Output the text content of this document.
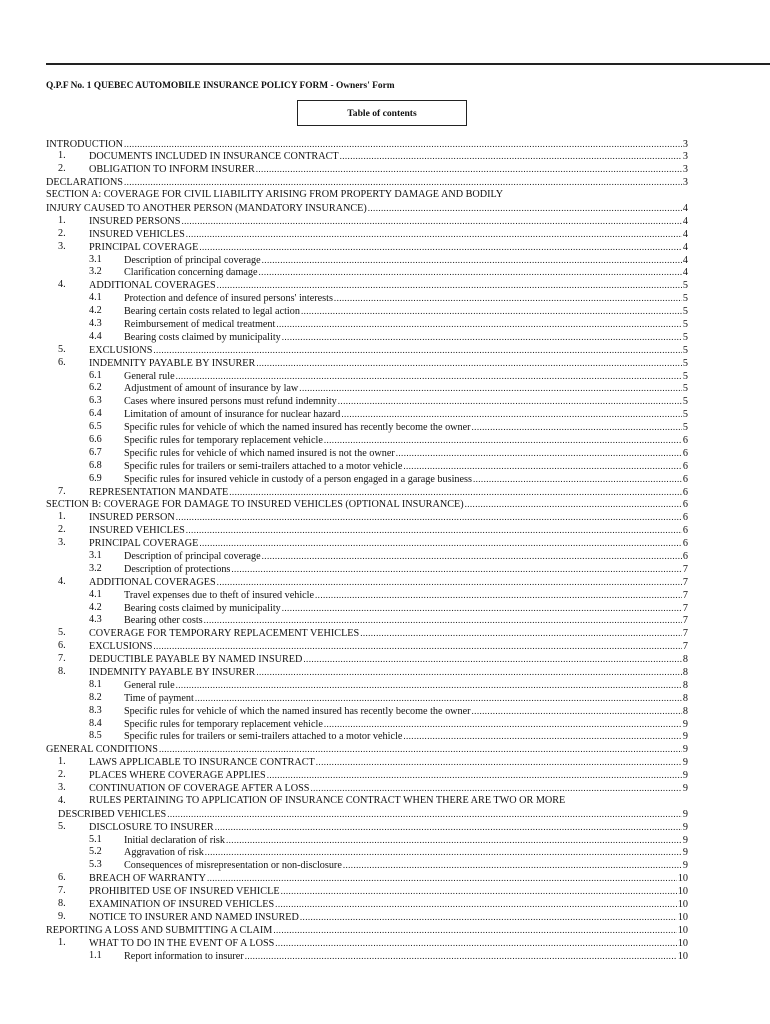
Q.P.F No. 1 QUEBEC AUTOMOBILE INSURANCE POLICY FORM - Owners' Form
Table of contents
INTRODUCTION .....	3
1. DOCUMENTS INCLUDED IN INSURANCE CONTRACT .....	3
2. OBLIGATION TO INFORM INSURER .....	3
DECLARATIONS .....	3
SECTION A: COVERAGE FOR CIVIL LIABILITY ARISING FROM PROPERTY DAMAGE AND BODILY
INJURY CAUSED TO ANOTHER PERSON (MANDATORY INSURANCE) .....	4
1. INSURED PERSONS .....	4
2. INSURED VEHICLES .....	4
3. PRINCIPAL COVERAGE .....	4
3.1 Description of principal coverage .....	4
3.2 Clarification concerning damage .....	4
4. ADDITIONAL COVERAGES .....	5
4.1 Protection and defence of insured persons' interests .....	5
4.2 Bearing certain costs related to legal action .....	5
4.3 Reimbursement of medical treatment .....	5
4.4 Bearing costs claimed by municipality .....	5
5. EXCLUSIONS .....	5
6. INDEMNITY PAYABLE BY INSURER .....	5
6.1 General rule .....	5
6.2 Adjustment of amount of insurance by law .....	5
6.3 Cases where insured persons must refund indemnity .....	5
6.4 Limitation of amount of insurance for nuclear hazard .....	5
6.5 Specific rules for vehicle of which the named insured has recently become the owner .....	5
6.6 Specific rules for temporary replacement vehicle .....	6
6.7 Specific rules for vehicle of which named insured is not the owner .....	6
6.8 Specific rules for trailers or semi-trailers attached to a motor vehicle .....	6
6.9 Specific rules for insured vehicle in custody of a person engaged in a garage business .....	6
7. REPRESENTATION MANDATE .....	6
SECTION B: COVERAGE FOR DAMAGE TO INSURED VEHICLES (OPTIONAL INSURANCE) .....	6
1. INSURED PERSON .....	6
2. INSURED VEHICLES .....	6
3. PRINCIPAL COVERAGE .....	6
3.1 Description of principal coverage .....	6
3.2 Description of protections .....	7
4. ADDITIONAL COVERAGES .....	7
4.1 Travel expenses due to theft of insured vehicle .....	7
4.2 Bearing costs claimed by municipality .....	7
4.3 Bearing other costs .....	7
5. COVERAGE FOR TEMPORARY REPLACEMENT VEHICLES .....	7
6. EXCLUSIONS .....	7
7. DEDUCTIBLE PAYABLE BY NAMED INSURED .....	8
8. INDEMNITY PAYABLE BY INSURER .....	8
8.1 General rule .....	8
8.2 Time of payment .....	8
8.3 Specific rules for vehicle of which the named insured has recently become the owner .....	8
8.4 Specific rules for temporary replacement vehicle .....	9
8.5 Specific rules for trailers or semi-trailers attached to a motor vehicle .....	9
GENERAL CONDITIONS .....	9
1. LAWS APPLICABLE TO INSURANCE CONTRACT .....	9
2. PLACES WHERE COVERAGE APPLIES .....	9
3. CONTINUATION OF COVERAGE AFTER A LOSS .....	9
4. RULES PERTAINING TO APPLICATION OF INSURANCE CONTRACT WHEN THERE ARE TWO OR MORE
DESCRIBED VEHICLES .....	9
5. DISCLOSURE TO INSURER .....	9
5.1 Initial declaration of risk .....	9
5.2 Aggravation of risk .....	9
5.3 Consequences of misrepresentation or non-disclosure .....	9
6. BREACH OF WARRANTY .....	10
7. PROHIBITED USE OF INSURED VEHICLE .....	10
8. EXAMINATION OF INSURED VEHICLES .....	10
9. NOTICE TO INSURER AND NAMED INSURED .....	10
REPORTING A LOSS AND SUBMITTING A CLAIM .....	10
1. WHAT TO DO IN THE EVENT OF A LOSS .....	10
1.1 Report information to insurer .....	10
